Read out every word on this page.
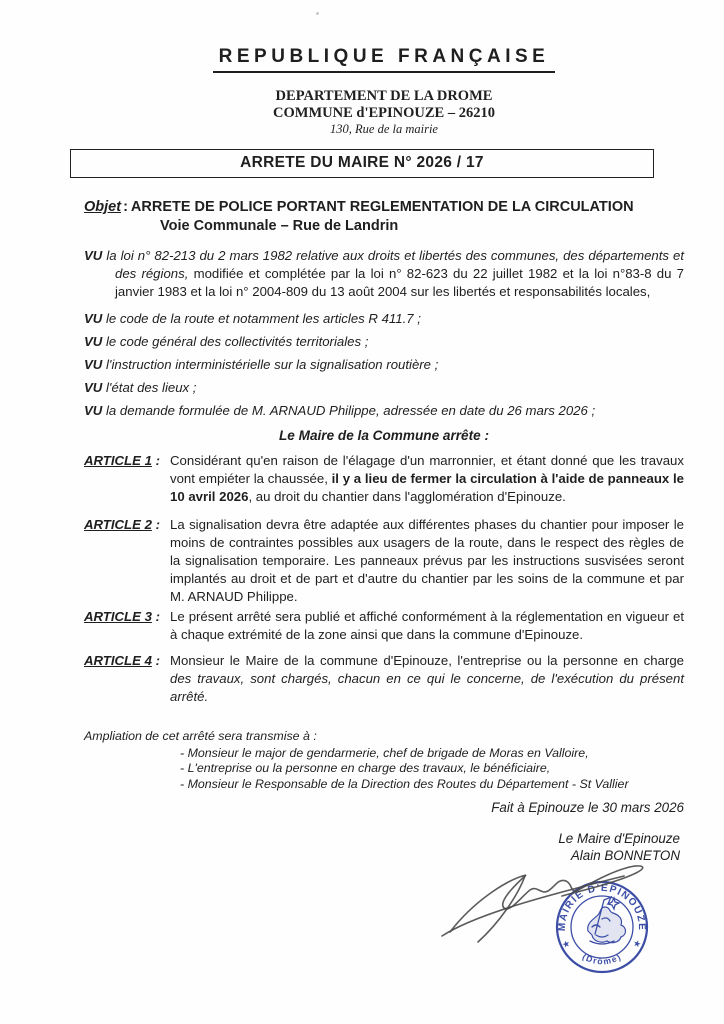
REPUBLIQUE FRANÇAISE
DEPARTEMENT DE LA DROME
COMMUNE d'EPINOUZE – 26210
130, Rue de la mairie
ARRETE DU MAIRE N° 2026 / 17
Objet : ARRETE DE POLICE PORTANT REGLEMENTATION DE LA CIRCULATION
Voie Communale – Rue de Landrin

VU la loi n° 82-213 du 2 mars 1982 relative aux droits et libertés des communes, des départements et des régions, modifiée et complétée par la loi n° 82-623 du 22 juillet 1982 et la loi n°83-8 du 7 janvier 1983 et la loi n° 2004-809 du 13 août 2004 sur les libertés et responsabilités locales,

VU le code de la route et notamment les articles R 411.7 ;

VU le code général des collectivités territoriales ;

VU l'instruction interministérielle sur la signalisation routière ;

VU l'état des lieux ;

VU la demande formulée de M. ARNAUD Philippe, adressée en date du 26 mars 2026 ;

Le Maire de la Commune arrête :
ARTICLE 1 : Considérant qu'en raison de l'élagage d'un marronnier, et étant donné que les travaux vont empiéter la chaussée, il y a lieu de fermer la circulation à l'aide de panneaux le 10 avril 2026, au droit du chantier dans l'agglomération d'Epinouze.
ARTICLE 2 : La signalisation devra être adaptée aux différentes phases du chantier pour imposer le moins de contraintes possibles aux usagers de la route, dans le respect des règles de la signalisation temporaire. Les panneaux prévus par les instructions susvisées seront implantés au droit et de part et d'autre du chantier par les soins de la commune et par M. ARNAUD Philippe.
ARTICLE 3 : Le présent arrêté sera publié et affiché conformément à la réglementation en vigueur et à chaque extrémité de la zone ainsi que dans la commune d'Epinouze.
ARTICLE 4 : Monsieur le Maire de la commune d'Epinouze, l'entreprise ou la personne en charge des travaux, sont chargés, chacun en ce qui le concerne, de l'exécution du présent arrêté.
Ampliation de cet arrêté sera transmise à :
- Monsieur le major de gendarmerie, chef de brigade de Moras en Valloire,
- L'entreprise ou la personne en charge des travaux, le bénéficiaire,
- Monsieur le Responsable de la Direction des Routes du Département - St Vallier
Fait à Epinouze le 30 mars 2026
Le Maire d'Epinouze
Alain BONNETON
MAIRIE D'EPINOUZE
(Drôme)
★	★
